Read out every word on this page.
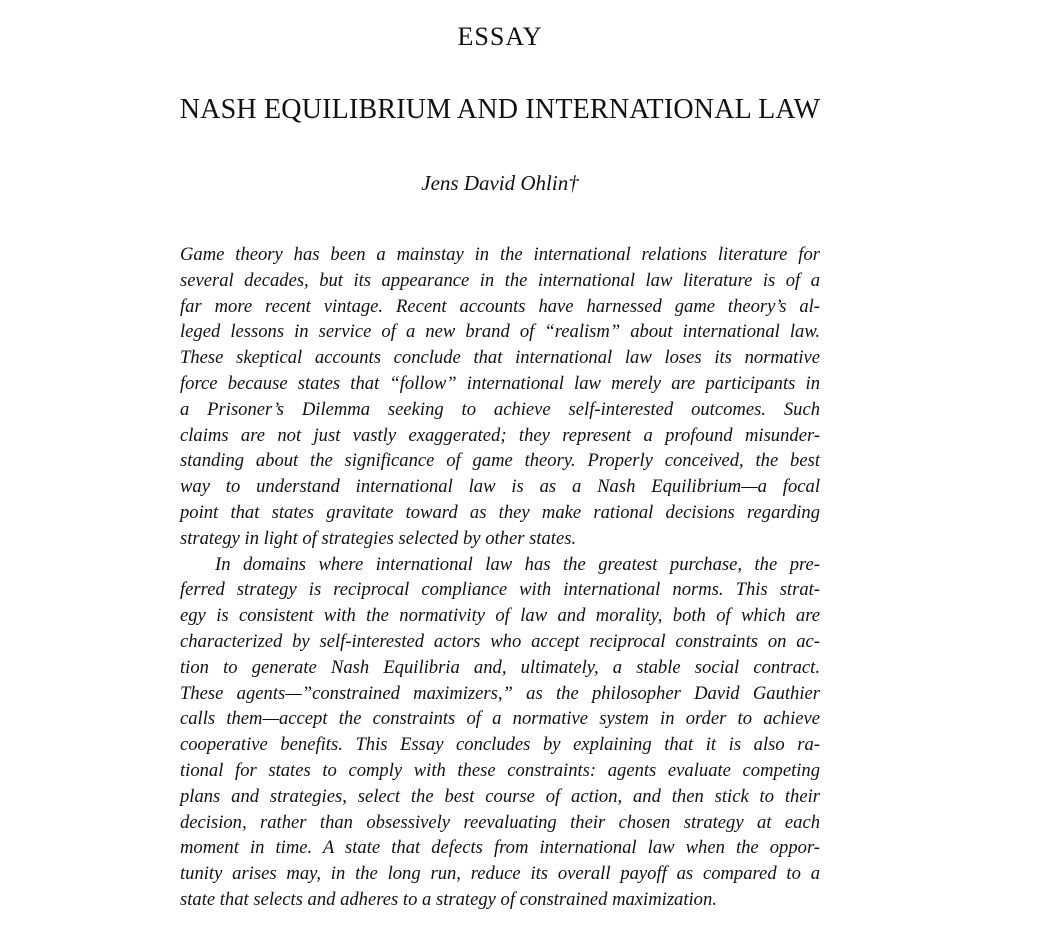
ESSAY
NASH EQUILIBRIUM AND INTERNATIONAL LAW
Jens David Ohlin†

Game theory has been a mainstay in the international relations literature for
several decades, but its appearance in the international law literature is of a
far more recent vintage. Recent accounts have harnessed game theory’s al-
leged lessons in service of a new brand of “realism” about international law.
These skeptical accounts conclude that international law loses its normative
force because states that “follow” international law merely are participants in
a Prisoner’s Dilemma seeking to achieve self-interested outcomes. Such
claims are not just vastly exaggerated; they represent a profound misunder-
standing about the significance of game theory. Properly conceived, the best
way to understand international law is as a Nash Equilibrium—a focal
point that states gravitate toward as they make rational decisions regarding
strategy in light of strategies selected by other states.

In domains where international law has the greatest purchase, the pre-
ferred strategy is reciprocal compliance with international norms. This strat-
egy is consistent with the normativity of law and morality, both of which are
characterized by self-interested actors who accept reciprocal constraints on ac-
tion to generate Nash Equilibria and, ultimately, a stable social contract.
These agents—”constrained maximizers,” as the philosopher David Gauthier
calls them—accept the constraints of a normative system in order to achieve
cooperative benefits. This Essay concludes by explaining that it is also ra-
tional for states to comply with these constraints: agents evaluate competing
plans and strategies, select the best course of action, and then stick to their
decision, rather than obsessively reevaluating their chosen strategy at each
moment in time. A state that defects from international law when the oppor-
tunity arises may, in the long run, reduce its overall payoff as compared to a
state that selects and adheres to a strategy of constrained maximization.
